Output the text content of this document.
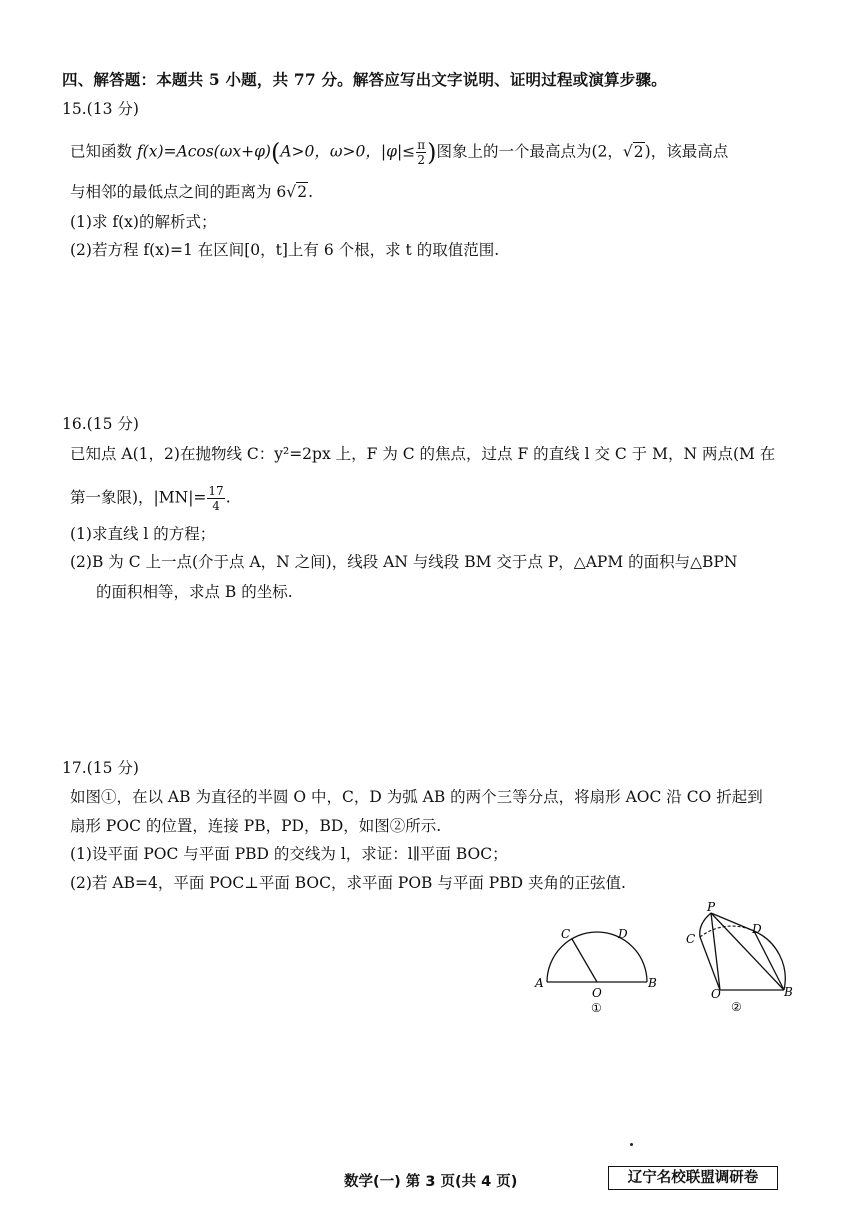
四、解答题：本题共 5 小题，共 77 分。解答应写出文字说明、证明过程或演算步骤。
15.(13 分)
已知函数 f(x)=Acos(ωx+φ)(A>0，ω>0，$|\varphi|\le \frac{\pi}{2}$ )图象上的一个最高点为(2，√2)，该最高点
与相邻的最低点之间的距离为 6√2.
(1)求 f(x)的解析式；
(2)若方程 f(x)=1 在区间[0，t]上有 6 个根，求 t 的取值范围.
16.(15 分)
已知点 A(1，2)在抛物线 C：y²=2px 上，F 为 C 的焦点，过点 F 的直线 l 交 C 于 M，N 两点(M 在
第一象限)，$|MN|= \frac{17}{4}$ .
(1)求直线 l 的方程；
(2)B 为 C 上一点(介于点 A，N 之间)，线段 AN 与线段 BM 交于点 P，△APM 的面积与△BPN
的面积相等，求点 B 的坐标.
17.(15 分)
如图①，在以 AB 为直径的半圆 O 中，C，D 为弧 AB 的两个三等分点，将扇形 AOC 沿 CO 折起到
扇形 POC 的位置，连接 PB，PD，BD，如图②所示.
(1)设平面 POC 与平面 PBD 的交线为 l，求证：l∥平面 BOC；
(2)若 AB=4，平面 POC⊥平面 BOC，求平面 POB 与平面 PBD 夹角的正弦值.
A	B
C	D
O
①
P
C
D
O	B
②
数学(一) 第 3 页(共 4 页)	辽宁名校联盟调研卷
